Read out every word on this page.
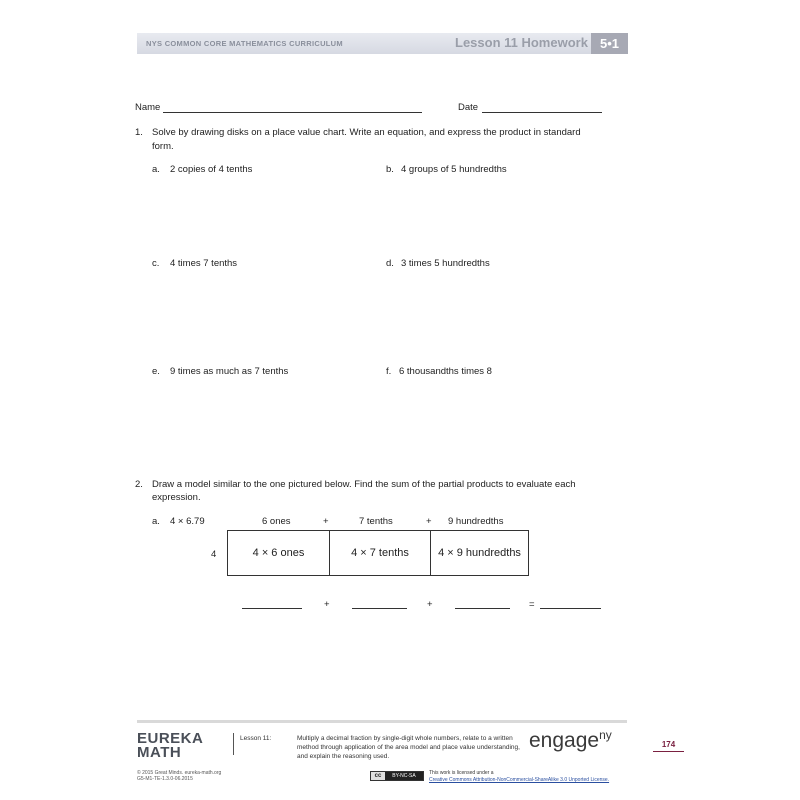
NYS COMMON CORE MATHEMATICS CURRICULUM	Lesson 11 Homework 5•1
Name	Date
1. Solve by drawing disks on a place value chart. Write an equation, and express the product in standard
form.
a. 2 copies of 4 tenths	b. 4 groups of 5 hundredths
c. 4 times 7 tenths	d. 3 times 5 hundredths
e. 9 times as much as 7 tenths	f. 6 thousandths times 8
2. Draw a model similar to the one pictured below. Find the sum of the partial products to evaluate each
expression.
a. 4 × 6.79	6 ones	+	7 tenths	+ 9 hundredths
4	4 × 6 ones	4 × 7 tenths	4 × 9 hundredths
+	+	=
EUREKA
MATH
Lesson 11:	Multiply a decimal fraction by single-digit whole numbers, relate to a written method through application of the area model and place value understanding, and explain the reasoning used.
engage$^{ny}$
174
© 2015 Great Minds. eureka-math.org
G5-M1-TE-1.3.0-06.2015	cc	BY-NC-SA	This work is licensed under a
Creative Commons Attribution-NonCommercial-ShareAlike 3.0 Unported License.
